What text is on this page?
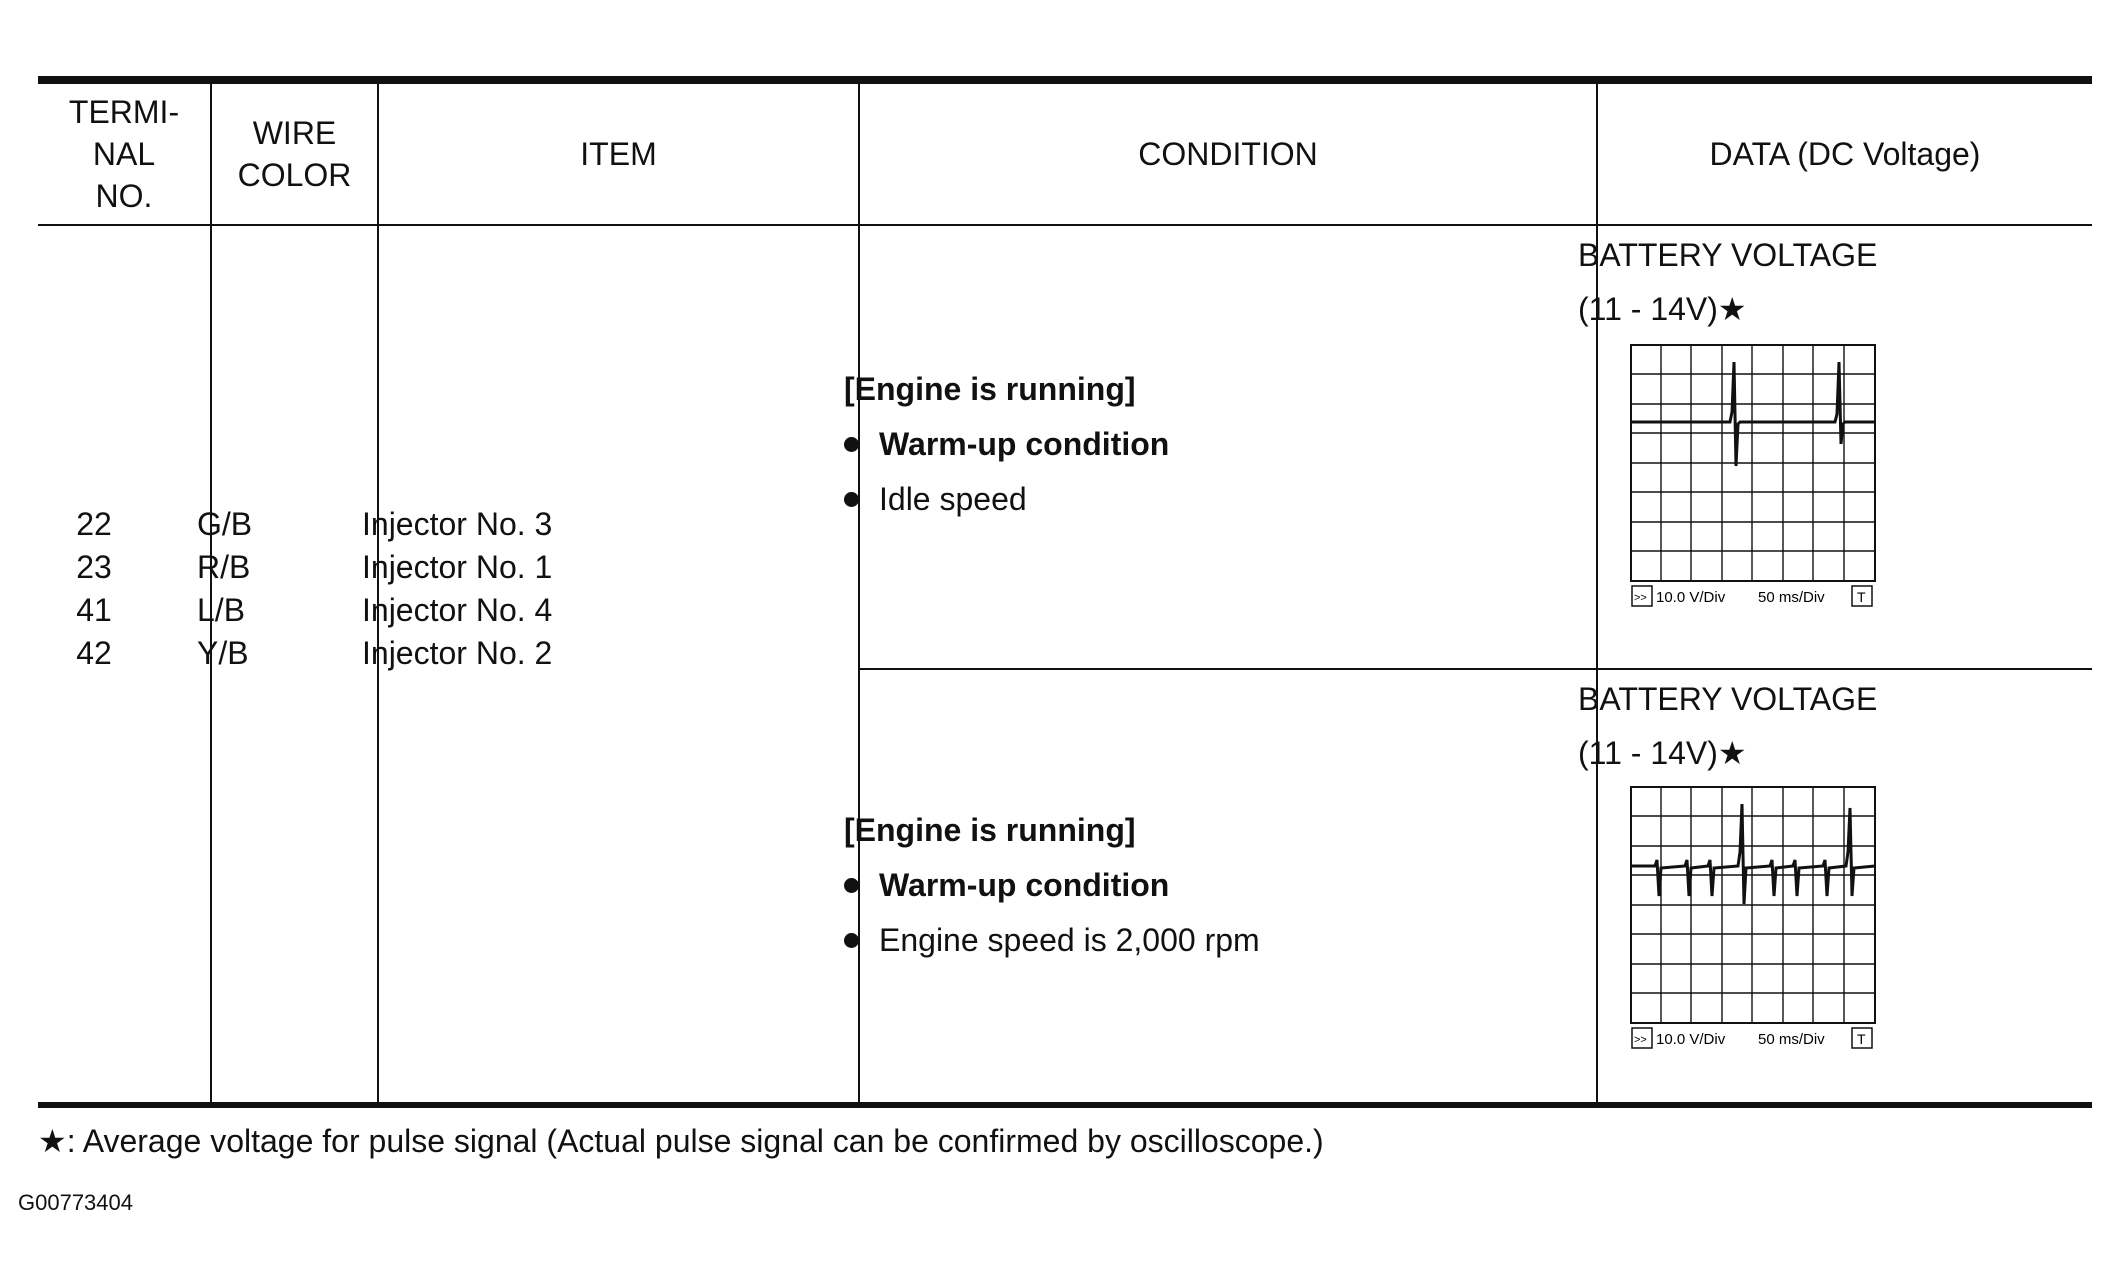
TERMI-
NAL
NO.
WIRE
COLOR
ITEM	CONDITION	DATA (DC Voltage)
22
23
41
42
G/B
R/B
L/B
Y/B
Injector No. 3
Injector No. 1
Injector No. 4
Injector No. 2
[Engine is running]
Warm-up condition
Idle speed
[Engine is running]
Warm-up condition
Engine speed is 2,000 rpm
BATTERY VOLTAGE
(11 - 14V)★
>> 10.0 V/Div 50 ms/Div T
BATTERY VOLTAGE
(11 - 14V)★
>> 10.0 V/Div 50 ms/Div T
★: Average voltage for pulse signal (Actual pulse signal can be confirmed by oscilloscope.)
G00773404
